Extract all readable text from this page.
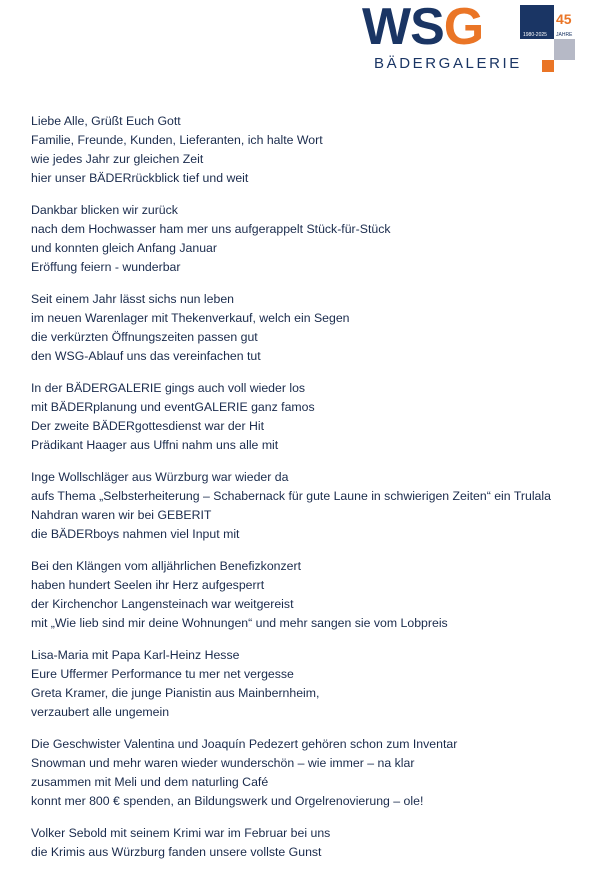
WSG
BÄDERGALERIE
45
1980-2025 JAHRE
Liebe Alle, Grüßt Euch Gott
Familie, Freunde, Kunden, Lieferanten, ich halte Wort
wie jedes Jahr zur gleichen Zeit
hier unser BÄDERrückblick tief und weit
Dankbar blicken wir zurück
nach dem Hochwasser ham mer uns aufgerappelt Stück-für-Stück
und konnten gleich Anfang Januar
Eröffung feiern - wunderbar
Seit einem Jahr lässt sichs nun leben
im neuen Warenlager mit Thekenverkauf, welch ein Segen
die verkürzten Öffnungszeiten passen gut
den WSG-Ablauf uns das vereinfachen tut
In der BÄDERGALERIE gings auch voll wieder los
mit BÄDERplanung und eventGALERIE ganz famos
Der zweite BÄDERgottesdienst war der Hit
Prädikant Haager aus Uffni nahm uns alle mit
Inge Wollschläger aus Würzburg war wieder da
aufs Thema „Selbsterheiterung – Schabernack für gute Laune in schwierigen Zeiten“ ein Trulala
Nahdran waren wir bei GEBERIT
die BÄDERboys nahmen viel Input mit
Bei den Klängen vom alljährlichen Benefizkonzert
haben hundert Seelen ihr Herz aufgesperrt
der Kirchenchor Langensteinach war weitgereist
mit „Wie lieb sind mir deine Wohnungen“ und mehr sangen sie vom Lobpreis
Lisa-Maria mit Papa Karl-Heinz Hesse
Eure Uffermer Performance tu mer net vergesse
Greta Kramer, die junge Pianistin aus Mainbernheim,
verzaubert alle ungemein
Die Geschwister Valentina und Joaquín Pedezert gehören schon zum Inventar
Snowman und mehr waren wieder wunderschön – wie immer – na klar
zusammen mit Meli und dem naturling Café
konnt mer 800 € spenden, an Bildungswerk und Orgelrenovierung – ole!
Volker Sebold mit seinem Krimi war im Februar bei uns
die Krimis aus Würzburg fanden unsere vollste Gunst
